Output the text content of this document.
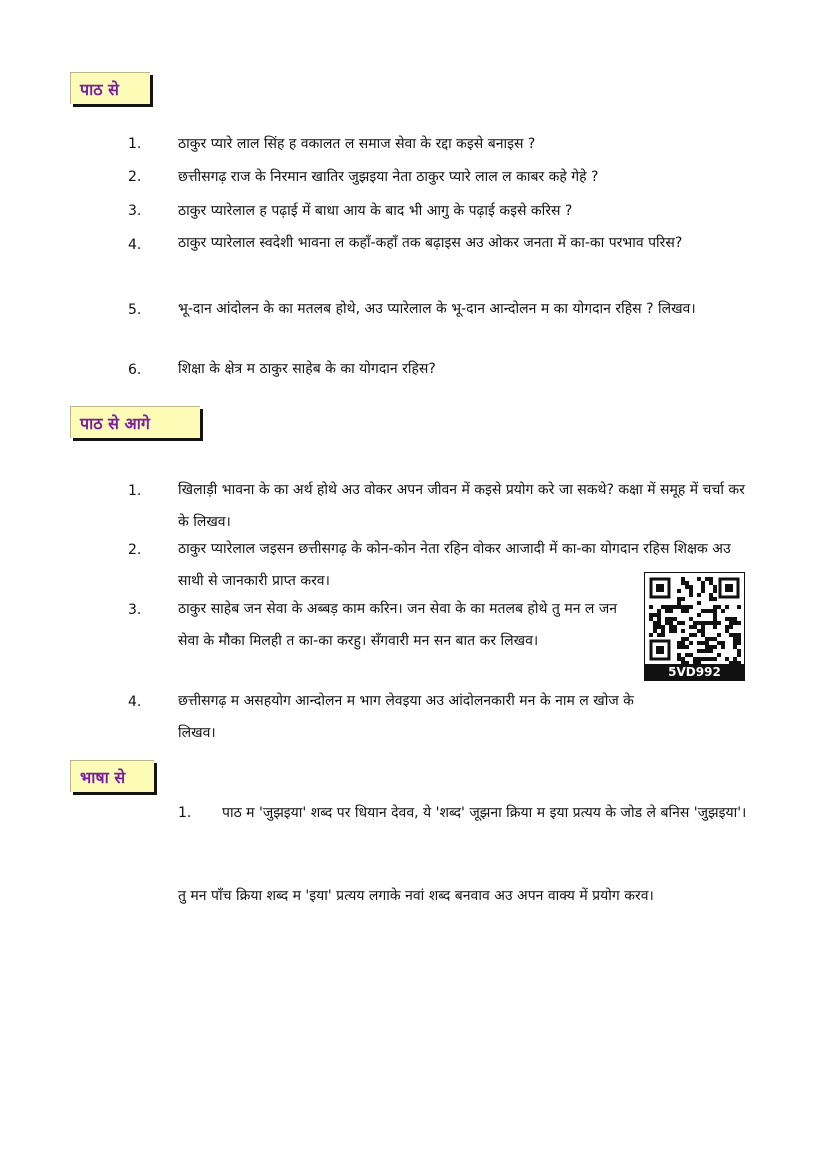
पाठ से
1.	ठाकुर प्यारे लाल सिंह ह वकालत ल समाज सेवा के रद्दा कइसे बनाइस ?
2.	छत्तीसगढ़ राज के निरमान खातिर जुझइया नेता ठाकुर प्यारे लाल ल काबर कहे गेहे ?
3.	ठाकुर प्यारेलाल ह पढ़ाई में बाधा आय के बाद भी आगु के पढ़ाई कइसे करिस ?
4.	ठाकुर प्यारेलाल स्वदेशी भावना ल कहाँ-कहाँ तक बढ़ाइस अउ ओकर जनता में का-का परभाव परिस?
5.	भू-दान आंदोलन के का मतलब होथे, अउ प्यारेलाल के भू-दान आन्दोलन म का योगदान रहिस ? लिखव।
6.	शिक्षा के क्षेत्र म ठाकुर साहेब के का योगदान रहिस?
पाठ से आगे
1.	खिलाड़ी भावना के का अर्थ होथे अउ वोकर अपन जीवन में कइसे प्रयोग करे जा सकथे? कक्षा में समूह में चर्चा कर के लिखव।
2.	ठाकुर प्यारेलाल जइसन छत्तीसगढ़ के कोन-कोन नेता रहिन वोकर आजादी में का-का योगदान रहिस शिक्षक अउ साथी से जानकारी प्राप्त करव।
3.	ठाकुर साहेब जन सेवा के अब्बड़ काम करिन। जन सेवा के का मतलब होथे तु मन ल जन सेवा के मौका मिलही त का-का करहु। सँगवारी मन सन बात कर लिखव।
4.	छत्तीसगढ़ म असहयोग आन्दोलन म भाग लेवइया अउ आंदोलनकारी मन के नाम ल खोज के लिखव।
5VD992
भाषा से
1. पाठ म 'जुझइया' शब्द पर धियान देवव, ये 'शब्द' जूझना क्रिया म इया प्रत्यय के जोड ले बनिस 'जुझइया'।
तु मन पाँच क्रिया शब्द म 'इया' प्रत्यय लगाके नवां शब्द बनवाव अउ अपन वाक्य में प्रयोग करव।
